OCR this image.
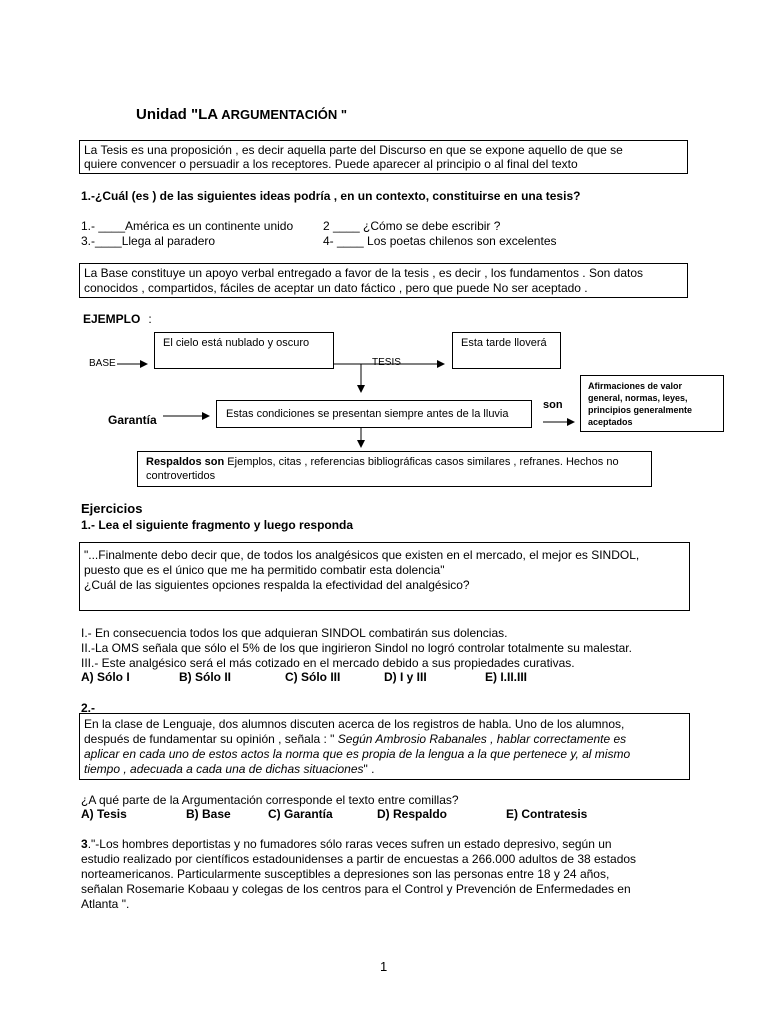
Unidad "LA ARGUMENTACIÓN "
La Tesis es una proposición , es decir aquella parte del Discurso en que se expone aquello de que se
quiere convencer o persuadir a los receptores. Puede aparecer al principio o al final del texto
1.-¿Cuál (es ) de las siguientes ideas podría , en un contexto, constituirse en una tesis?
1.- ____América es un continente unido 2 ____ ¿Cómo se debe escribir ?
3.-____Llega al paradero	4- ____ Los poetas chilenos son excelentes
La Base constituye un apoyo verbal entregado a favor de la tesis , es decir , los fundamentos . Son datos
conocidos , compartidos, fáciles de aceptar un dato fáctico , pero que puede No ser aceptado .
EJEMPLO :
El cielo está nublado y oscuro	Esta tarde lloverá
BASE	TESIS
Garantía	Estas condiciones se presentan siempre antes de la lluvia
son
Afirmaciones de valor
general, normas, leyes,
principios generalmente
aceptados
Respaldos son Ejemplos, citas , referencias bibliográficas casos similares , refranes. Hechos no
controvertidos
Ejercicios
1.- Lea el siguiente fragmento y luego responda
"...Finalmente debo decir que, de todos los analgésicos que existen en el mercado, el mejor es SINDOL,
puesto que es el único que me ha permitido combatir esta dolencia"
¿Cuál de las siguientes opciones respalda la efectividad del analgésico?
I.- En consecuencia todos los que adquieran SINDOL combatirán sus dolencias.
II.-La OMS señala que sólo el 5% de los que ingirieron Sindol no logró controlar totalmente su malestar.
III.- Este analgésico será el más cotizado en el mercado debido a sus propiedades curativas.
A) Sólo I	B) Sólo II	C) Sólo III	D) I y III	E) I.II.III
2.-
En la clase de Lenguaje, dos alumnos discuten acerca de los registros de habla. Uno de los alumnos,
después de fundamentar su opinión , señala : " Según Ambrosio Rabanales , hablar correctamente es
aplicar en cada uno de estos actos la norma que es propia de la lengua a la que pertenece y, al mismo
tiempo , adecuada a cada una de dichas situaciones" .
¿A qué parte de la Argumentación corresponde el texto entre comillas?
A) Tesis	B) Base	C) Garantía	D) Respaldo	E) Contratesis
3."-Los hombres deportistas y no fumadores sólo raras veces sufren un estado depresivo, según un
estudio realizado por científicos estadounidenses a partir de encuestas a 266.000 adultos de 38 estados
norteamericanos. Particularmente susceptibles a depresiones son las personas entre 18 y 24 años,
señalan Rosemarie Kobaau y colegas de los centros para el Control y Prevención de Enfermedades en
Atlanta ".
1
